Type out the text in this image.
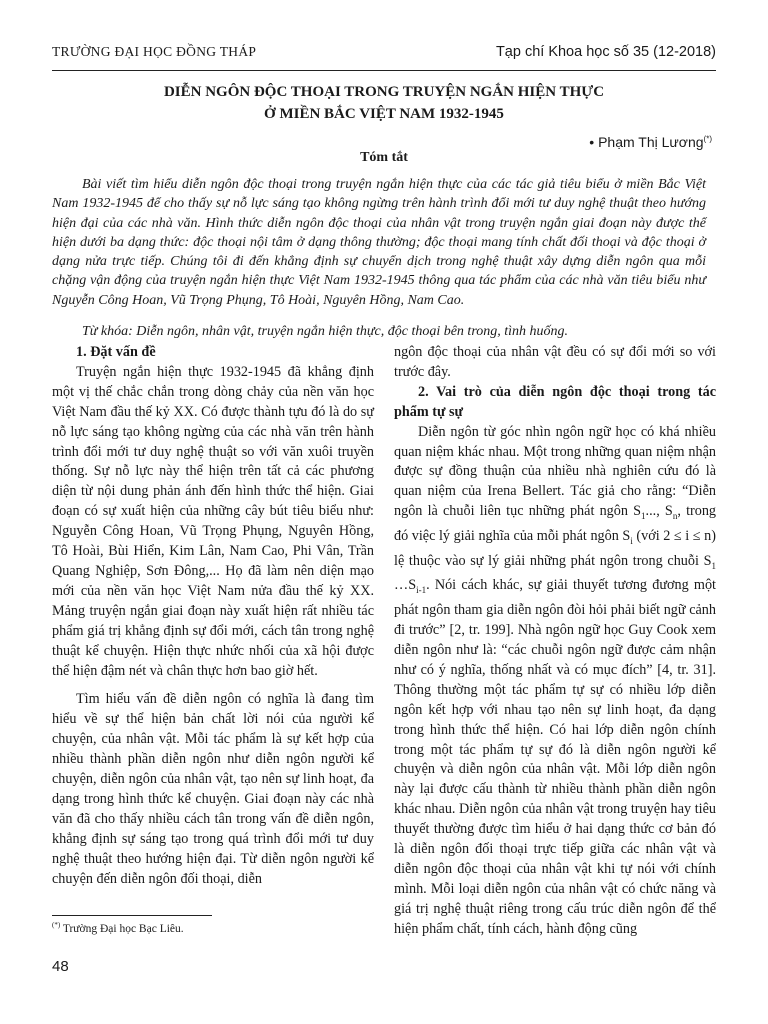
TRƯỜNG ĐẠI HỌC ĐỒNG THÁP	Tạp chí Khoa học số 35 (12-2018)
DIỄN NGÔN ĐỘC THOẠI TRONG TRUYỆN NGẮN HIỆN THỰC
Ở MIỀN BẮC VIỆT NAM 1932-1945
• Phạm Thị Lương(*)
Tóm tắt

Bài viết tìm hiểu diễn ngôn độc thoại trong truyện ngắn hiện thực của các tác giả tiêu biểu ở miền Bắc Việt Nam 1932-1945 để cho thấy sự nỗ lực sáng tạo không ngừng trên hành trình đổi mới tư duy nghệ thuật theo hướng hiện đại của các nhà văn. Hình thức diễn ngôn độc thoại của nhân vật trong truyện ngắn giai đoạn này được thể hiện dưới ba dạng thức: độc thoại nội tâm ở dạng thông thường; độc thoại mang tính chất đối thoại và độc thoại ở dạng nửa trực tiếp. Chúng tôi đi đến khẳng định sự chuyển dịch trong nghệ thuật xây dựng diễn ngôn qua mỗi chặng vận động của truyện ngắn hiện thực Việt Nam 1932-1945 thông qua tác phẩm của các nhà văn tiêu biểu như Nguyễn Công Hoan, Vũ Trọng Phụng, Tô Hoài, Nguyên Hồng, Nam Cao.

Từ khóa: Diễn ngôn, nhân vật, truyện ngắn hiện thực, độc thoại bên trong, tình huống.

1. Đặt vấn đề

Truyện ngắn hiện thực 1932-1945 đã khẳng định một vị thế chắc chắn trong dòng chảy của nền văn học Việt Nam đầu thế kỷ XX. Có được thành tựu đó là do sự nỗ lực sáng tạo không ngừng của các nhà văn trên hành trình đổi mới tư duy nghệ thuật so với văn xuôi truyền thống. Sự nỗ lực này thể hiện trên tất cả các phương diện từ nội dung phản ánh đến hình thức thể hiện. Giai đoạn có sự xuất hiện của những cây bút tiêu biểu như: Nguyễn Công Hoan, Vũ Trọng Phụng, Nguyên Hồng, Tô Hoài, Bùi Hiển, Kim Lân, Nam Cao, Phi Vân, Trần Quang Nghiệp, Sơn Đông,... Họ đã làm nên diện mạo mới của nền văn học Việt Nam nửa đầu thế kỷ XX. Mảng truyện ngắn giai đoạn này xuất hiện rất nhiều tác phẩm giá trị khẳng định sự đổi mới, cách tân trong nghệ thuật kể chuyện. Hiện thực nhức nhối của xã hội được thể hiện đậm nét và chân thực hơn bao giờ hết.

Tìm hiểu vấn đề diễn ngôn có nghĩa là đang tìm hiểu về sự thể hiện bản chất lời nói của người kể chuyện, của nhân vật. Mỗi tác phẩm là sự kết hợp của nhiều thành phần diễn ngôn như diễn ngôn người kể chuyện, diễn ngôn của nhân vật, tạo nên sự linh hoạt, đa dạng trong hình thức kể chuyện. Giai đoạn này các nhà văn đã cho thấy nhiều cách tân trong vấn đề diễn ngôn, khẳng định sự sáng tạo trong quá trình đổi mới tư duy nghệ thuật theo hướng hiện đại. Từ diễn ngôn người kể chuyện đến diễn ngôn đối thoại, diễn

ngôn độc thoại của nhân vật đều có sự đổi mới so với trước đây.

2. Vai trò của diễn ngôn độc thoại trong tác phẩm tự sự

Diễn ngôn từ góc nhìn ngôn ngữ học có khá nhiều quan niệm khác nhau. Một trong những quan niệm nhận được sự đồng thuận của nhiều nhà nghiên cứu đó là quan niệm của Irena Bellert. Tác giả cho rằng: “Diễn ngôn là chuỗi liên tục những phát ngôn $S_1$..., $S_n$, trong đó việc lý giải nghĩa của mỗi phát ngôn $S_i$ (với 2 ≤ i ≤ n) lệ thuộc vào sự lý giải những phát ngôn trong chuỗi $S_1$ $\dots S_{i-1}$. Nói cách khác, sự giải thuyết tương đương một phát ngôn tham gia diễn ngôn đòi hỏi phải biết ngữ cảnh đi trước” [2, tr. 199]. Nhà ngôn ngữ học Guy Cook xem diễn ngôn như là: “các chuỗi ngôn ngữ được cảm nhận như có ý nghĩa, thống nhất và có mục đích” [4, tr. 31]. Thông thường một tác phẩm tự sự có nhiều lớp diễn ngôn kết hợp với nhau tạo nên sự linh hoạt, đa dạng trong hình thức thể hiện. Có hai lớp diễn ngôn chính trong một tác phẩm tự sự đó là diễn ngôn người kể chuyện và diễn ngôn của nhân vật. Mỗi lớp diễn ngôn này lại được cấu thành từ nhiều thành phần diễn ngôn khác nhau. Diễn ngôn của nhân vật trong truyện hay tiêu thuyết thường được tìm hiểu ở hai dạng thức cơ bản đó là diễn ngôn đối thoại trực tiếp giữa các nhân vật và diễn ngôn độc thoại của nhân vật khi tự nói với chính mình. Mỗi loại diễn ngôn của nhân vật có chức năng và giá trị nghệ thuật riêng trong cấu trúc diễn ngôn để thể hiện phẩm chất, tính cách, hành động cũng

(*) Trường Đại học Bạc Liêu.
48
